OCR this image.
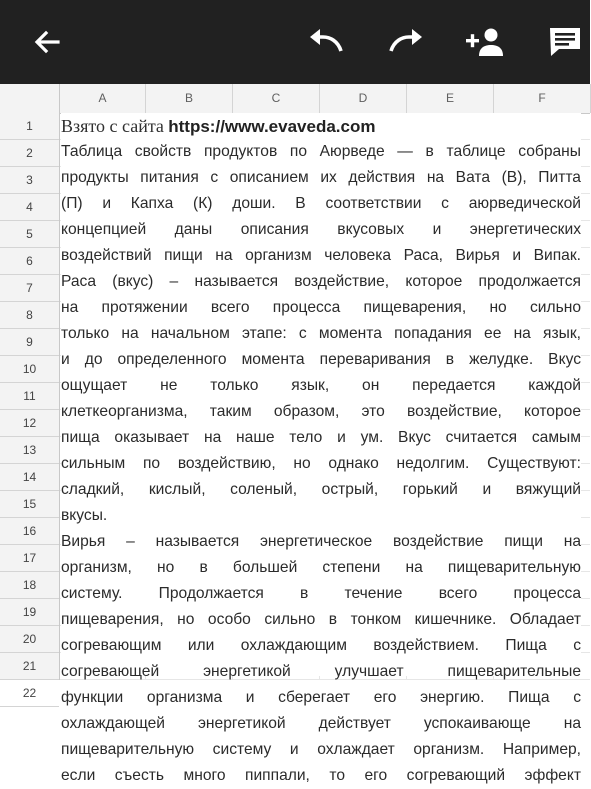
A	B	C	D	E	F
1
2
3
4
5
6
7
8
9
10
11
12
13
14
15
16
17
18
19
20
21
22
Взято с сайта https://www.evaveda.com
Таблица свойств продуктов по Аюрведе — в таблице собраны
продукты питания с описанием их действия на Вата (В), Питта
(П) и Капха (К) доши. В соответствии с аюрведической
концепцией даны описания вкусовых и энергетических
воздействий пищи на организм человека Раса, Вирья и Випак.
Раса (вкус) – называется воздействие, которое продолжается
на протяжении всего процесса пищеварения, но сильно
только на начальном этапе: с момента попадания ее на язык,
и до определенного момента переваривания в желудке. Вкус
ощущает не только язык, он передается каждой
клеткеорганизма, таким образом, это воздействие, которое
пища оказывает на наше тело и ум. Вкус считается самым
сильным по воздействию, но однако недолгим. Существуют:
сладкий, кислый, соленый, острый, горький и вяжущий
вкусы.
Вирья – называется энергетическое воздействие пищи на
организм, но в большей степени на пищеварительную
систему. Продолжается в течение всего процесса
пищеварения, но особо сильно в тонком кишечнике. Обладает
согревающим или охлаждающим воздействием. Пища с
согревающей энергетикой улучшает пищеварительные
функции организма и сберегает его энергию. Пища с
охлаждающей энергетикой действует успокаивающе на
пищеварительную систему и охлаждает организм. Например,
если съесть много пиппали, то его согревающий эффект
